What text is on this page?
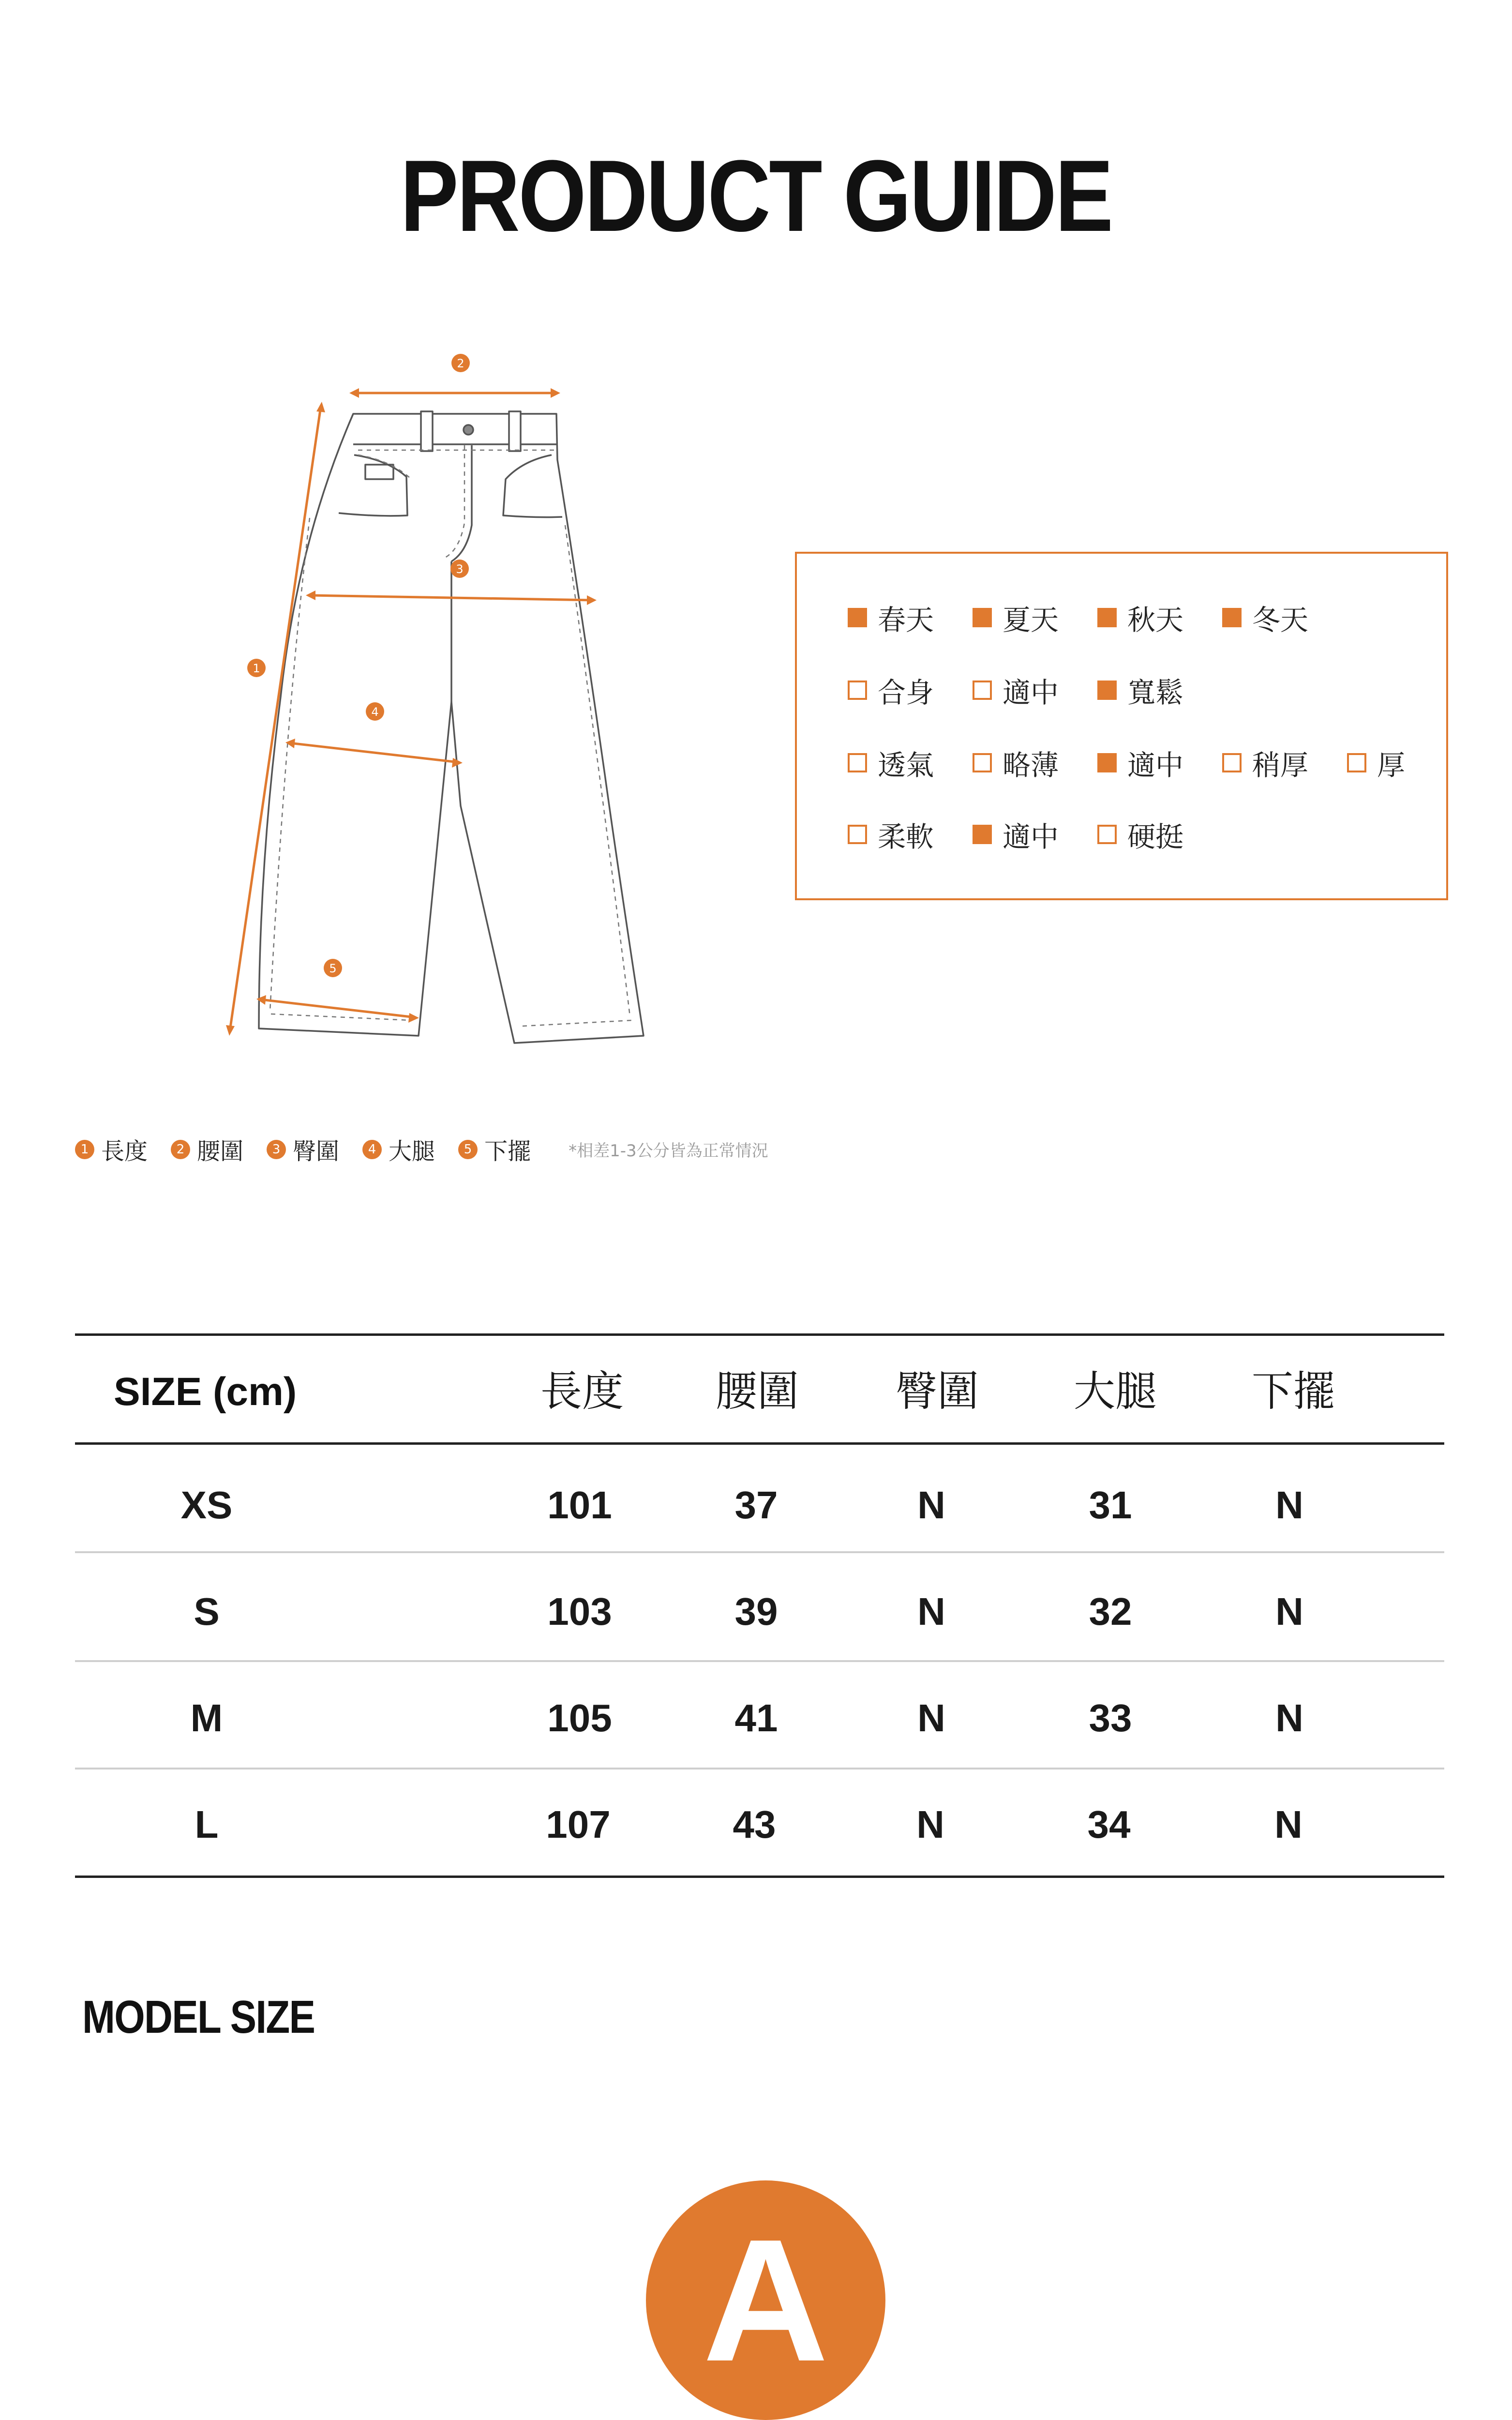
PRODUCT GUIDE
2
3
1
4
5
春天 夏天 秋天 冬天
合身 適中 寬鬆
透氣 略薄 適中 稍厚 厚
柔軟 適中 硬挺
1 長度	2 腰圍	3 臀圍	4 大腿	5 下擺 *相差1-3公分皆為正常情況
SIZE (cm)	長度 腰圍 臀圍 大腿 下擺
XS	101	37	N	31	N
S	103	39	N	32	N
M	105	41	N	33	N
L	107	43	N	34	N
MODEL SIZE
A
